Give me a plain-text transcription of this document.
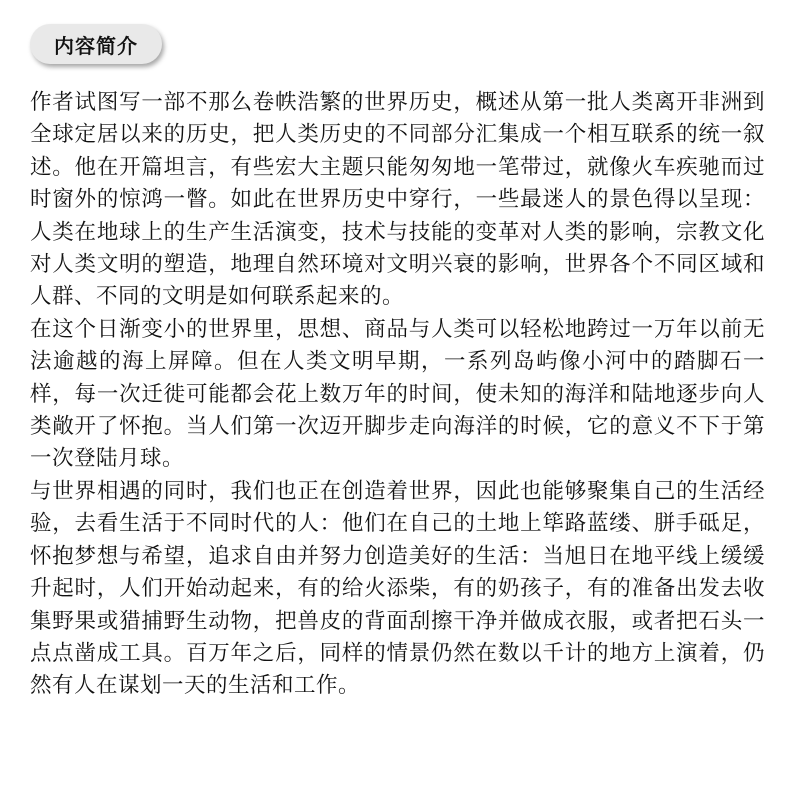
内容简介

作者试图写一部不那么卷帙浩繁的世界历史，概述从第一批人类离开非洲到全球定居以来的历史，把人类历史的不同部分汇集成一个相互联系的统一叙述。他在开篇坦言，有些宏大主题只能匆匆地一笔带过，就像火车疾驰而过时窗外的惊鸿一瞥。如此在世界历史中穿行，一些最迷人的景色得以呈现：人类在地球上的生产生活演变，技术与技能的变革对人类的影响，宗教文化对人类文明的塑造，地理自然环境对文明兴衰的影响，世界各个不同区域和人群、不同的文明是如何联系起来的。

在这个日渐变小的世界里，思想、商品与人类可以轻松地跨过一万年以前无法逾越的海上屏障。但在人类文明早期，一系列岛屿像小河中的踏脚石一样，每一次迁徙可能都会花上数万年的时间，使未知的海洋和陆地逐步向人类敞开了怀抱。当人们第一次迈开脚步走向海洋的时候，它的意义不下于第一次登陆月球。

与世界相遇的同时，我们也正在创造着世界，因此也能够聚集自己的生活经验，去看生活于不同时代的人：他们在自己的土地上筚路蓝缕、胼手砥足，怀抱梦想与希望，追求自由并努力创造美好的生活：当旭日在地平线上缓缓升起时，人们开始动起来，有的给火添柴，有的奶孩子，有的准备出发去收集野果或猎捕野生动物，把兽皮的背面刮擦干净并做成衣服，或者把石头一点点凿成工具。百万年之后，同样的情景仍然在数以千计的地方上演着，仍然有人在谋划一天的生活和工作。
